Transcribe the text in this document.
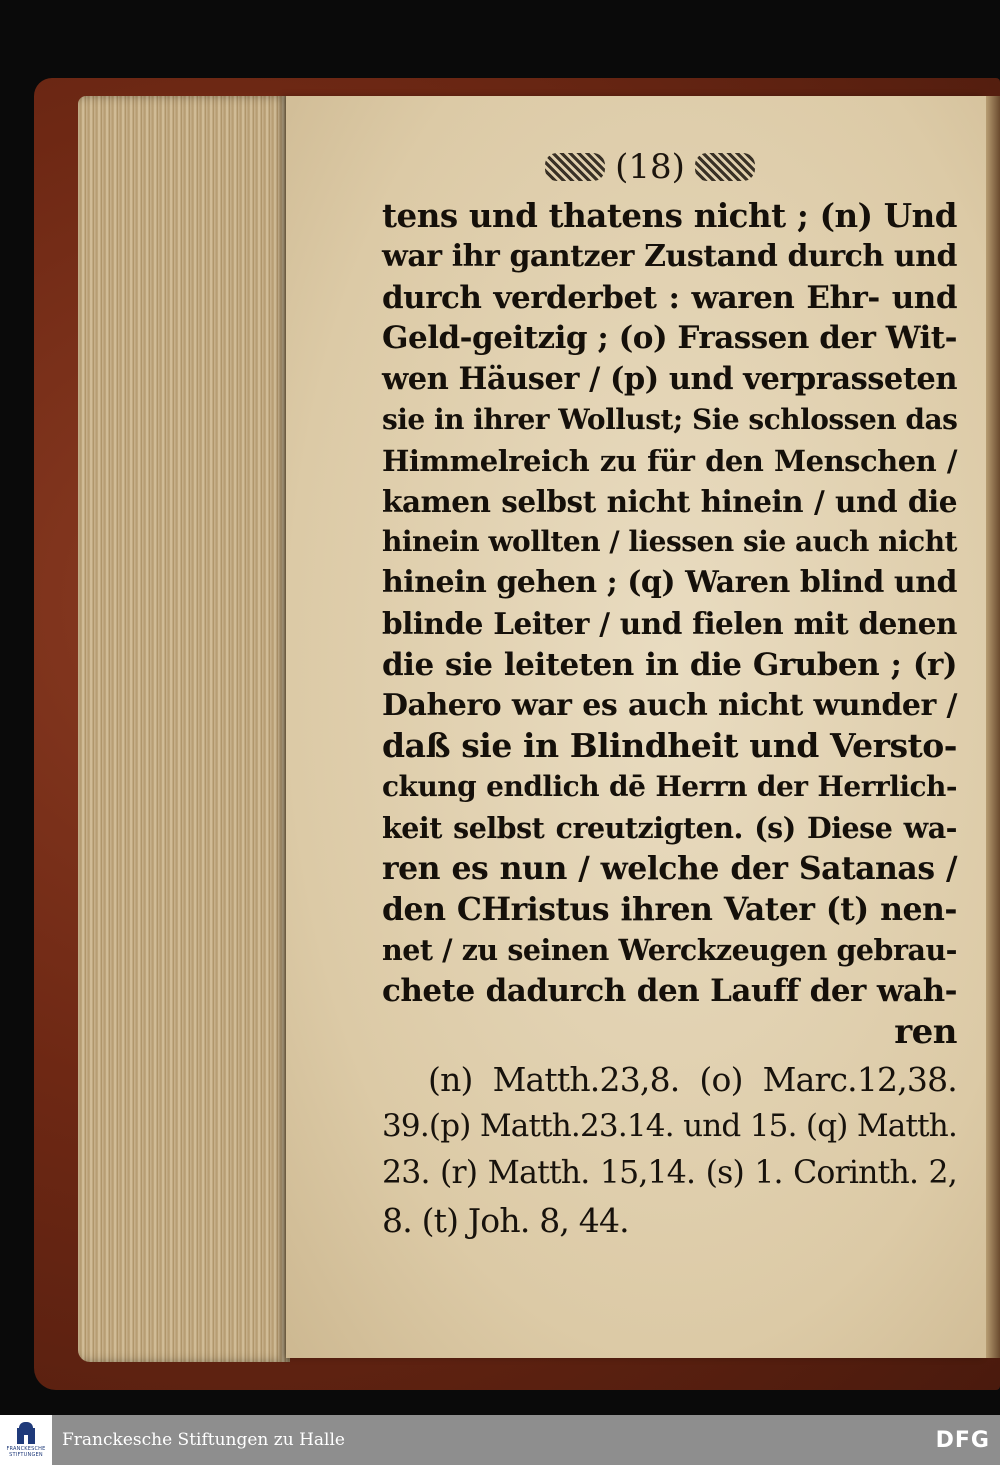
(18)
tens und thatens nicht ; (n) Und
war ihr gantzer Zustand durch und
durch verderbet : waren Ehr- und
Geld-geitzig ; (o) Frassen der Wit-
wen Häuser / (p) und verprasseten
sie in ihrer Wollust; Sie schlossen das
Himmelreich zu für den Menschen /
kamen selbst nicht hinein / und die
hinein wollten / liessen sie auch nicht
hinein gehen ; (q) Waren blind und
blinde Leiter / und fielen mit denen
die sie leiteten in die Gruben ; (r)
Dahero war es auch nicht wunder /
daß sie in Blindheit und Versto-
ckung endlich dē Herrn der Herrlich-
keit selbst creutzigten. (s) Diese wa-
ren es nun / welche der Satanas /
den CHristus ihren Vater (t) nen-
net / zu seinen Werckzeugen gebrau-
chete dadurch den Lauff der wah-
ren
(n) Matth.23,8. (o) Marc.12,38.
39.(p) Matth.23.14. und 15. (q) Matth.
23. (r) Matth. 15,14. (s) 1. Corinth. 2,
8. (t) Joh. 8, 44.
FRANCKESCHE
STIFTUNGEN
Franckesche Stiftungen zu Halle	DFG
